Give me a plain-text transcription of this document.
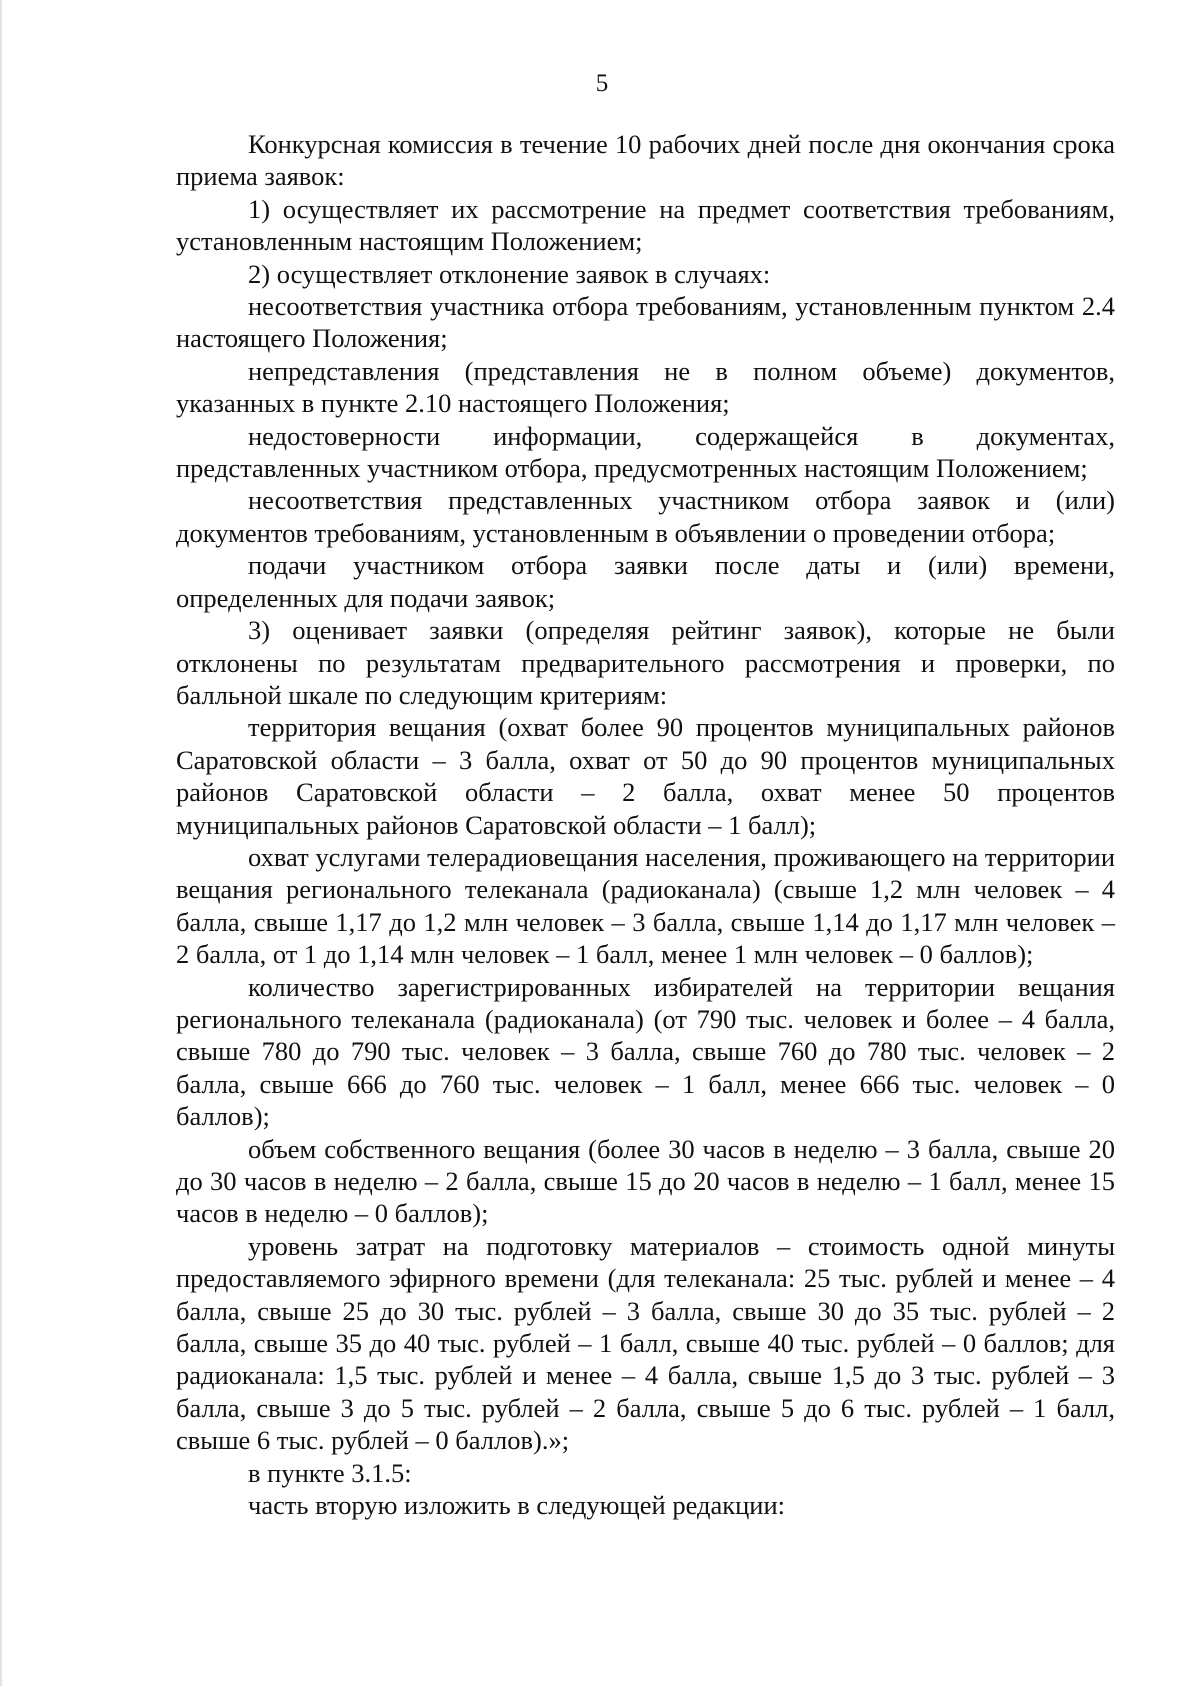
5

Конкурсная комиссия в течение 10 рабочих дней после дня окончания срока приема заявок:

1) осуществляет их рассмотрение на предмет соответствия требованиям, установленным настоящим Положением;

2) осуществляет отклонение заявок в случаях:

несоответствия участника отбора требованиям, установленным пунктом 2.4 настоящего Положения;

непредставления (представления не в полном объеме) документов, указанных в пункте 2.10 настоящего Положения;

недостоверности информации, содержащейся в документах, представленных участником отбора, предусмотренных настоящим Положением;

несоответствия представленных участником отбора заявок и (или) документов требованиям, установленным в объявлении о проведении отбора;

подачи участником отбора заявки после даты и (или) времени, определенных для подачи заявок;

3) оценивает заявки (определяя рейтинг заявок), которые не были отклонены по результатам предварительного рассмотрения и проверки, по балльной шкале по следующим критериям:

территория вещания (охват более 90 процентов муниципальных районов Саратовской области – 3 балла, охват от 50 до 90 процентов муниципальных районов Саратовской области – 2 балла, охват менее 50 процентов муниципальных районов Саратовской области – 1 балл);

охват услугами телерадиовещания населения, проживающего на территории вещания регионального телеканала (радиоканала) (свыше 1,2 млн человек – 4 балла, свыше 1,17 до 1,2 млн человек – 3 балла, свыше 1,14 до 1,17 млн человек – 2 балла, от 1 до 1,14 млн человек – 1 балл, менее 1 млн человек – 0 баллов);

количество зарегистрированных избирателей на территории вещания регионального телеканала (радиоканала) (от 790 тыс. человек и более – 4 балла, свыше 780 до 790 тыс. человек – 3 балла, свыше 760 до 780 тыс. человек – 2 балла, свыше 666 до 760 тыс. человек – 1 балл, менее 666 тыс. человек – 0 баллов);

объем собственного вещания (более 30 часов в неделю – 3 балла, свыше 20 до 30 часов в неделю – 2 балла, свыше 15 до 20 часов в неделю – 1 балл, менее 15 часов в неделю – 0 баллов);

уровень затрат на подготовку материалов – стоимость одной минуты предоставляемого эфирного времени (для телеканала: 25 тыс. рублей и менее – 4 балла, свыше 25 до 30 тыс. рублей – 3 балла, свыше 30 до 35 тыс. рублей – 2 балла, свыше 35 до 40 тыс. рублей – 1 балл, свыше 40 тыс. рублей – 0 баллов; для радиоканала: 1,5 тыс. рублей и менее – 4 балла, свыше 1,5 до 3 тыс. рублей – 3 балла, свыше 3 до 5 тыс. рублей – 2 балла, свыше 5 до 6 тыс. рублей – 1 балл, свыше 6 тыс. рублей – 0 баллов).»;

в пункте 3.1.5:

часть вторую изложить в следующей редакции:
